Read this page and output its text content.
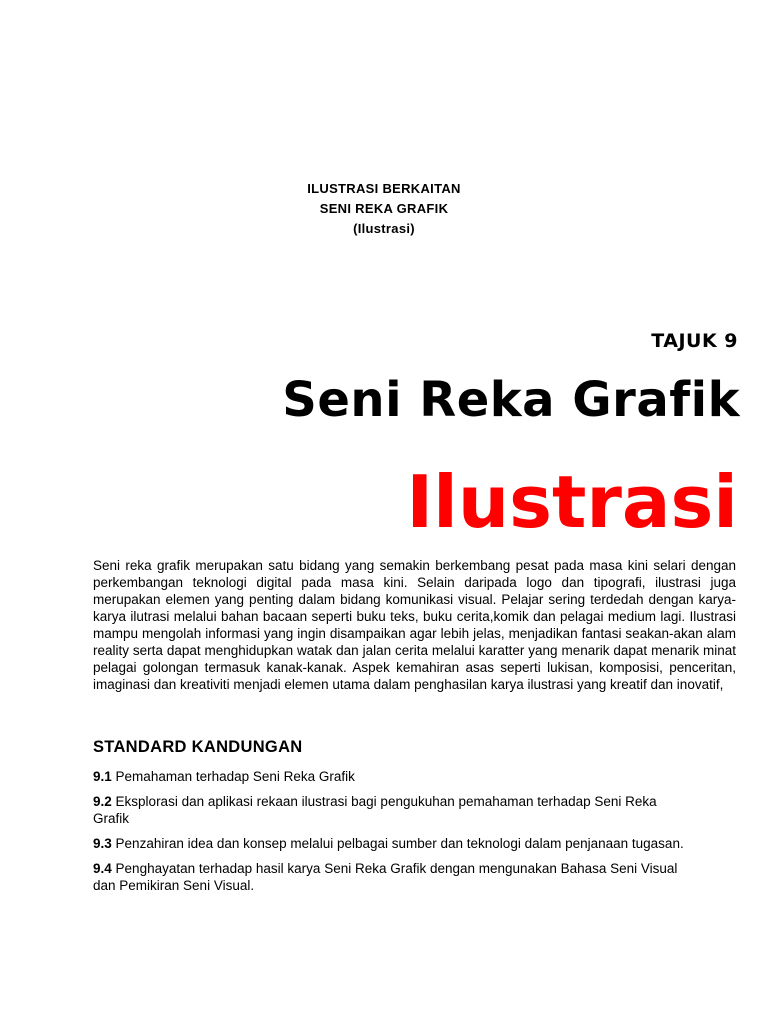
ILUSTRASI BERKAITAN
SENI REKA GRAFIK
(Ilustrasi)
TAJUK 9
Seni Reka Grafik
Ilustrasi

Seni reka grafik merupakan satu bidang yang semakin berkembang pesat pada masa kini selari dengan perkembangan teknologi digital pada masa kini. Selain daripada logo dan tipografi, ilustrasi juga merupakan elemen yang penting dalam bidang komunikasi visual. Pelajar sering terdedah dengan karya-karya ilutrasi melalui bahan bacaan seperti buku teks, buku cerita,komik dan pelagai medium lagi. Ilustrasi mampu mengolah informasi yang ingin disampaikan agar lebih jelas, menjadikan fantasi seakan-akan alam reality serta dapat menghidupkan watak dan jalan cerita melalui karatter yang menarik dapat menarik minat pelagai golongan termasuk kanak-kanak. Aspek kemahiran asas seperti lukisan, komposisi, penceritan, imaginasi dan kreativiti menjadi elemen utama dalam penghasilan karya ilustrasi yang kreatif dan inovatif,

STANDARD KANDUNGAN
9.1 Pemahaman terhadap Seni Reka Grafik
9.2 Eksplorasi dan aplikasi rekaan ilustrasi bagi pengukuhan pemahaman terhadap Seni Reka Grafik
9.3 Penzahiran idea dan konsep melalui pelbagai sumber dan teknologi dalam penjanaan tugasan.
9.4 Penghayatan terhadap hasil karya Seni Reka Grafik dengan mengunakan Bahasa Seni Visual dan Pemikiran Seni Visual.
